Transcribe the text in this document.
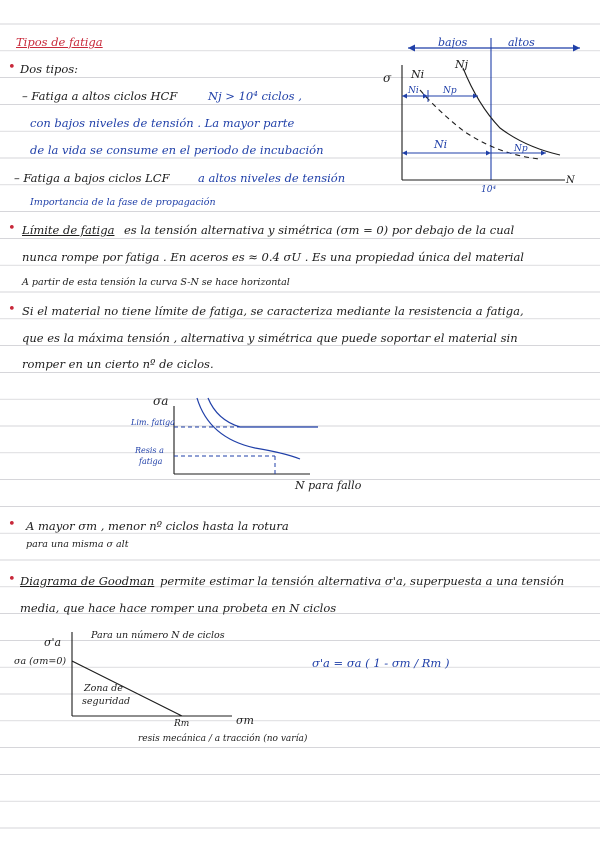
Tipos de fatiga
• Dos tipos:
– Fatiga a altos ciclos HCF	Nj > 10⁴ ciclos ,
con bajos niveles de tensión . La mayor parte
de la vida se consume en el periodo de incubación
– Fatiga a bajos ciclos LCF a altos niveles de tensión
Importancia de la fase de propagación
bajos	altos
σ Ni
Nj
Ni	Np
Ni	Np
10⁴
N
• Límite de fatiga es la tensión alternativa y simétrica (σm = 0) por debajo de la cual
nunca rompe por fatiga . En aceros es ≈ 0.4 σU . Es una propiedad única del material
A partir de esta tensión la curva S-N se hace horizontal
• Si el material no tiene límite de fatiga, se caracteriza mediante la resistencia a fatiga,
que es la máxima tensión , alternativa y simétrica que puede soportar el material sin
romper en un cierto nº de ciclos.
σa
Lim. fatiga
Resis a
fatiga
N para fallo
• A mayor σm , menor nº ciclos hasta la rotura
para una misma σ alt
• Diagrama de Goodman permite estimar la tensión alternativa σ'a, superpuesta a una tensión
media, que hace hace romper una probeta en N ciclos
σ'a
Para un número N de ciclos
σa (σm=0)
Zona de
seguridad
Rm	σm
resis mecánica / a tracción (no varía)
σ'a = σa ( 1 - σm / Rm )
